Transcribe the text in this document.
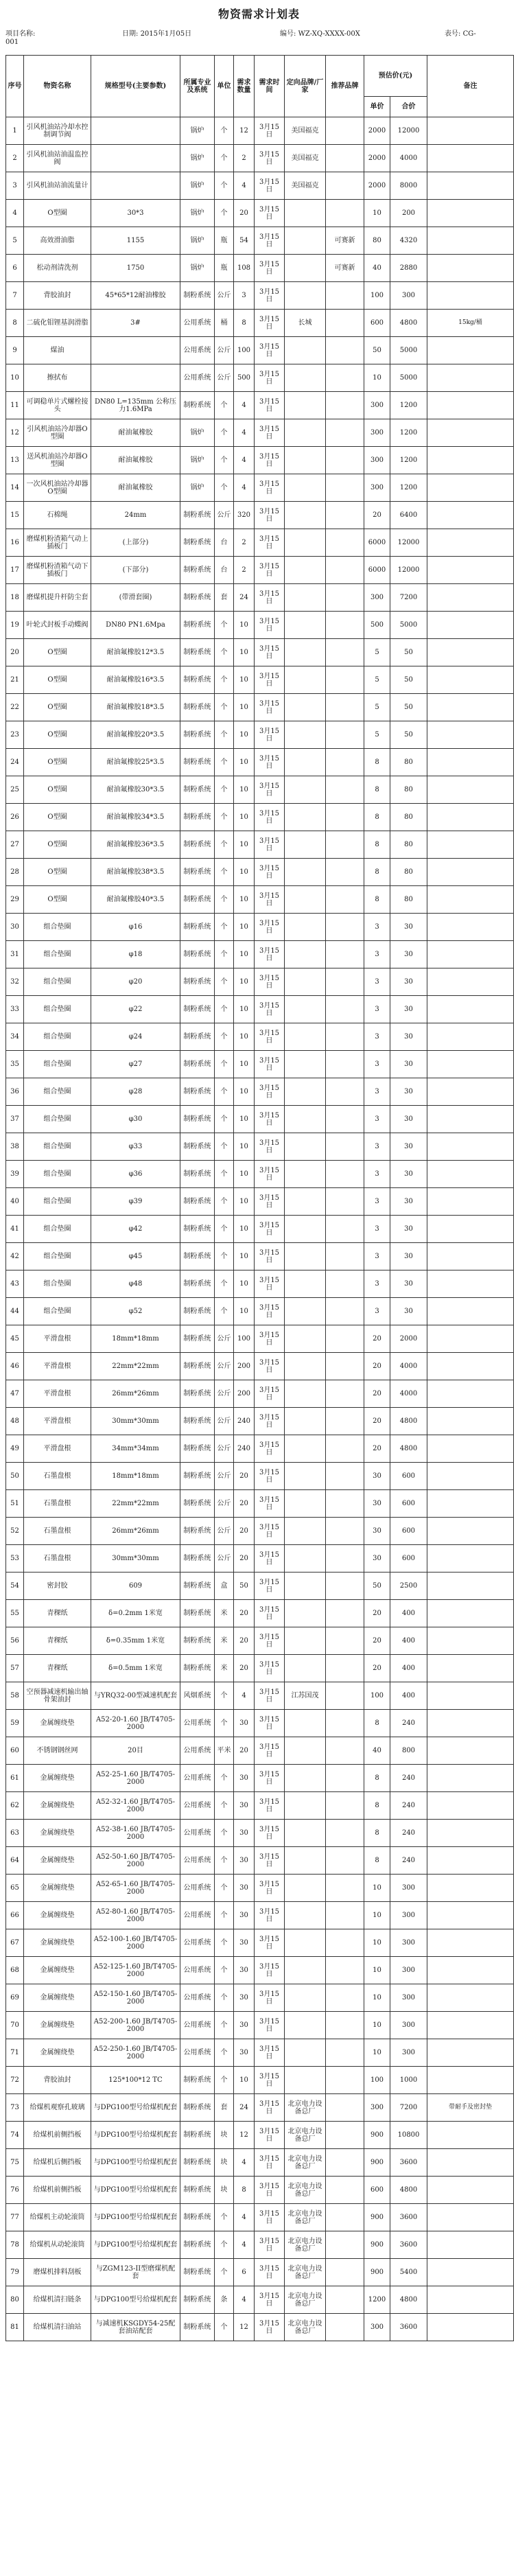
物资需求计划表
项目名称:	日期: 2015年1月05日	编号: WZ-XQ-XXXX-00X	表号: CG-
001
序号	物资名称	规格型号(主要参数)	所属专业及系统	单位	需求数量	需求时间	定向品牌/厂家	推荐品牌	预估价(元)		备注
									单价	合价	
1	引风机油站冷却水控制调节阀		锅炉	个	12	3月15日	美国福克		2000	12000	
2	引风机油站油温监控阀		锅炉	个	2	3月15日	美国福克		2000	4000	
3	引风机油站油流量计		锅炉	个	4	3月15日	美国福克		2000	8000	
4	O型圈	30*3	锅炉	个	20	3月15日			10	200	
5	高效滑油脂	1155	锅炉	瓶	54	3月15日		可赛新	80	4320	
6	松动剂清洗剂	1750	锅炉	瓶	108	3月15日		可赛新	40	2880	
7	背胶油封	45*65*12耐油橡胶	制粉系统	公斤	3	3月15日			100	300	
8	二硫化钼锂基润滑脂	3#	公用系统	桶	8	3月15日	长城		600	4800	15kg/桶
9	煤油		公用系统	公斤	100	3月15日			50	5000	
10	擦拭布		公用系统	公斤	500	3月15日			10	5000	
11	可调稳单片式螺栓接头	DN80 L=135mm 公称压力1.6MPa	制粉系统	个	4	3月15日			300	1200	
12	引风机油站冷却器O型圈	耐油氟橡胶	锅炉	个	4	3月15日			300	1200	
13	送风机油站冷却器O型圈	耐油氟橡胶	锅炉	个	4	3月15日			300	1200	
14	一次风机油站冷却器O型圈	耐油氟橡胶	锅炉	个	4	3月15日			300	1200	
15	石棉绳	24mm	制粉系统	公斤	320	3月15日			20	6400	
16	磨煤机粉渣箱气动上插板门	(上部分)	制粉系统	台	2	3月15日			6000	12000	
17	磨煤机粉渣箱气动下插板门	(下部分)	制粉系统	台	2	3月15日			6000	12000	
18	磨煤机提升杆防尘套	(带滑套圈)	制粉系统	套	24	3月15日			300	7200	
19	叶轮式封板手动蝶阀	DN80 PN1.6Mpa	制粉系统	个	10	3月15日			500	5000	
20	O型圈	耐油氟橡胶12*3.5	制粉系统	个	10	3月15日			5	50	
21	O型圈	耐油氟橡胶16*3.5	制粉系统	个	10	3月15日			5	50	
22	O型圈	耐油氟橡胶18*3.5	制粉系统	个	10	3月15日			5	50	
23	O型圈	耐油氟橡胶20*3.5	制粉系统	个	10	3月15日			5	50	
24	O型圈	耐油氟橡胶25*3.5	制粉系统	个	10	3月15日			8	80	
25	O型圈	耐油氟橡胶30*3.5	制粉系统	个	10	3月15日			8	80	
26	O型圈	耐油氟橡胶34*3.5	制粉系统	个	10	3月15日			8	80	
27	O型圈	耐油氟橡胶36*3.5	制粉系统	个	10	3月15日			8	80	
28	O型圈	耐油氟橡胶38*3.5	制粉系统	个	10	3月15日			8	80	
29	O型圈	耐油氟橡胶40*3.5	制粉系统	个	10	3月15日			8	80	
30	组合垫圈	φ16	制粉系统	个	10	3月15日			3	30	
31	组合垫圈	φ18	制粉系统	个	10	3月15日			3	30	
32	组合垫圈	φ20	制粉系统	个	10	3月15日			3	30	
33	组合垫圈	φ22	制粉系统	个	10	3月15日			3	30	
34	组合垫圈	φ24	制粉系统	个	10	3月15日			3	30	
35	组合垫圈	φ27	制粉系统	个	10	3月15日			3	30	
36	组合垫圈	φ28	制粉系统	个	10	3月15日			3	30	
37	组合垫圈	φ30	制粉系统	个	10	3月15日			3	30	
38	组合垫圈	φ33	制粉系统	个	10	3月15日			3	30	
39	组合垫圈	φ36	制粉系统	个	10	3月15日			3	30	
40	组合垫圈	φ39	制粉系统	个	10	3月15日			3	30	
41	组合垫圈	φ42	制粉系统	个	10	3月15日			3	30	
42	组合垫圈	φ45	制粉系统	个	10	3月15日			3	30	
43	组合垫圈	φ48	制粉系统	个	10	3月15日			3	30	
44	组合垫圈	φ52	制粉系统	个	10	3月15日			3	30	
45	平滑盘根	18mm*18mm	制粉系统	公斤	100	3月15日			20	2000	
46	平滑盘根	22mm*22mm	制粉系统	公斤	200	3月15日			20	4000	
47	平滑盘根	26mm*26mm	制粉系统	公斤	200	3月15日			20	4000	
48	平滑盘根	30mm*30mm	制粉系统	公斤	240	3月15日			20	4800	
49	平滑盘根	34mm*34mm	制粉系统	公斤	240	3月15日			20	4800	
50	石墨盘根	18mm*18mm	制粉系统	公斤	20	3月15日			30	600	
51	石墨盘根	22mm*22mm	制粉系统	公斤	20	3月15日			30	600	
52	石墨盘根	26mm*26mm	制粉系统	公斤	20	3月15日			30	600	
53	石墨盘根	30mm*30mm	制粉系统	公斤	20	3月15日			30	600	
54	密封胶	609	制粉系统	盒	50	3月15日			50	2500	
55	青稞纸	δ=0.2mm 1米宽	制粉系统	米	20	3月15日			20	400	
56	青稞纸	δ=0.35mm 1米宽	制粉系统	米	20	3月15日			20	400	
57	青稞纸	δ=0.5mm 1米宽	制粉系统	米	20	3月15日			20	400	
58	空预器减速机输出轴骨架油封	与YRQ32-00型减速机配套	风烟系统	个	4	3月15日	江苏国茂		100	400	
59	金属缠绕垫	A52-20-1.60 JB/T4705-2000	公用系统	个	30	3月15日			8	240	
60	不锈钢钢丝网	20目	公用系统	平米	20	3月15日			40	800	
61	金属缠绕垫	A52-25-1.60 JB/T4705-2000	公用系统	个	30	3月15日			8	240	
62	金属缠绕垫	A52-32-1.60 JB/T4705-2000	公用系统	个	30	3月15日			8	240	
63	金属缠绕垫	A52-38-1.60 JB/T4705-2000	公用系统	个	30	3月15日			8	240	
64	金属缠绕垫	A52-50-1.60 JB/T4705-2000	公用系统	个	30	3月15日			8	240	
65	金属缠绕垫	A52-65-1.60 JB/T4705-2000	公用系统	个	30	3月15日			10	300	
66	金属缠绕垫	A52-80-1.60 JB/T4705-2000	公用系统	个	30	3月15日			10	300	
67	金属缠绕垫	A52-100-1.60 JB/T4705-2000	公用系统	个	30	3月15日			10	300	
68	金属缠绕垫	A52-125-1.60 JB/T4705-2000	公用系统	个	30	3月15日			10	300	
69	金属缠绕垫	A52-150-1.60 JB/T4705-2000	公用系统	个	30	3月15日			10	300	
70	金属缠绕垫	A52-200-1.60 JB/T4705-2000	公用系统	个	30	3月15日			10	300	
71	金属缠绕垫	A52-250-1.60 JB/T4705-2000	公用系统	个	30	3月15日			10	300	
72	背胶油封	125*100*12 TC	制粉系统	个	10	3月15日			100	1000	
73	给煤机观察孔玻璃	与DPG100型号给煤机配套	制粉系统	套	24	3月15日	北京电力设备总厂		300	7200	带耐手及密封垫
74	给煤机前侧挡板	与DPG100型号给煤机配套	制粉系统	块	12	3月15日	北京电力设备总厂		900	10800	
75	给煤机后侧挡板	与DPG100型号给煤机配套	制粉系统	块	4	3月15日	北京电力设备总厂		900	3600	
76	给煤机前侧挡板	与DPG100型号给煤机配套	制粉系统	块	8	3月15日	北京电力设备总厂		600	4800	
77	给煤机主动轮滚筒	与DPG100型号给煤机配套	制粉系统	个	4	3月15日	北京电力设备总厂		900	3600	
78	给煤机从动轮滚筒	与DPG100型号给煤机配套	制粉系统	个	4	3月15日	北京电力设备总厂		900	3600	
79	磨煤机排料刮板	与ZGM123-II型磨煤机配套	制粉系统	个	6	3月15日	北京电力设备总厂		900	5400	
80	给煤机清扫链条	与DPG100型号给煤机配套	制粉系统	条	4	3月15日	北京电力设备总厂		1200	4800	
81	给煤机清扫油站	与减速机KSGDY54-25配套油站配套	制粉系统	个	12	3月15日	北京电力设备总厂		300	3600	
